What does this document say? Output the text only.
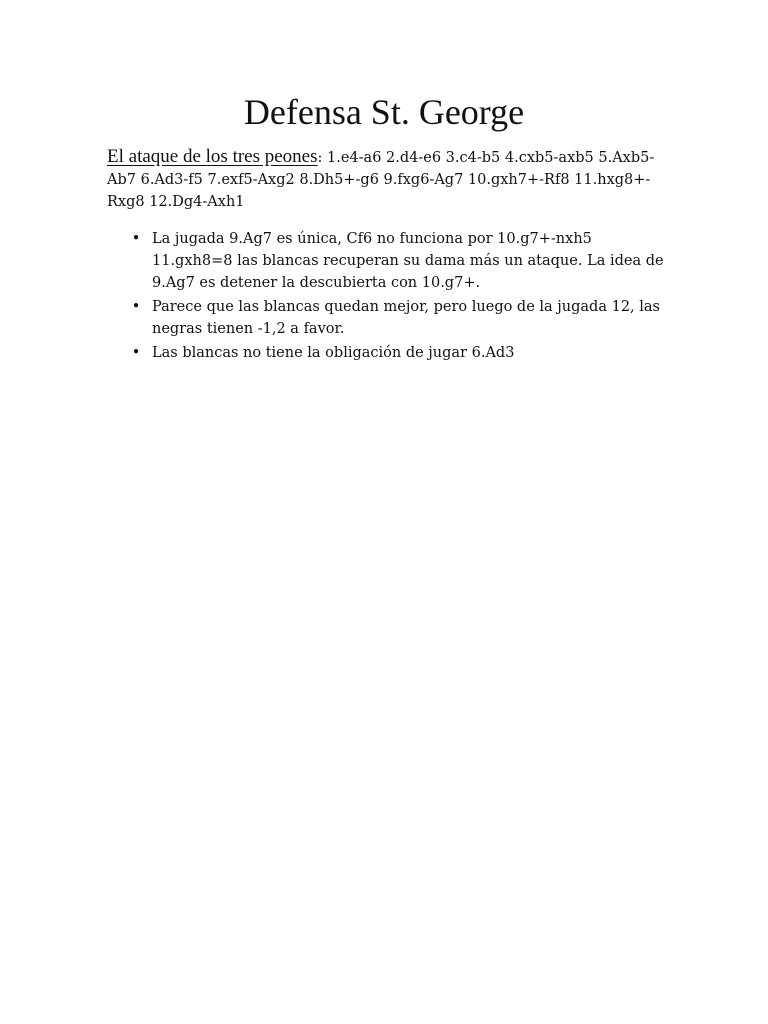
Defensa St. George

El ataque de los tres peones: 1.e4-a6 2.d4-e6 3.c4-b5 4.cxb5-axb5 5.Axb5-Ab7 6.Ad3-f5 7.exf5-Axg2 8.Dh5+-g6 9.fxg6-Ag7 10.gxh7+-Rf8 11.hxg8+-Rxg8 12.Dg4-Axh1

• La jugada 9.Ag7 es única, Cf6 no funciona por 10.g7+-nxh5 11.gxh8=8 las blancas recuperan su dama más un ataque. La idea de 9.Ag7 es detener la descubierta con 10.g7+.
• Parece que las blancas quedan mejor, pero luego de la jugada 12, las negras tienen -1,2 a favor.
• Las blancas no tiene la obligación de jugar 6.Ad3
